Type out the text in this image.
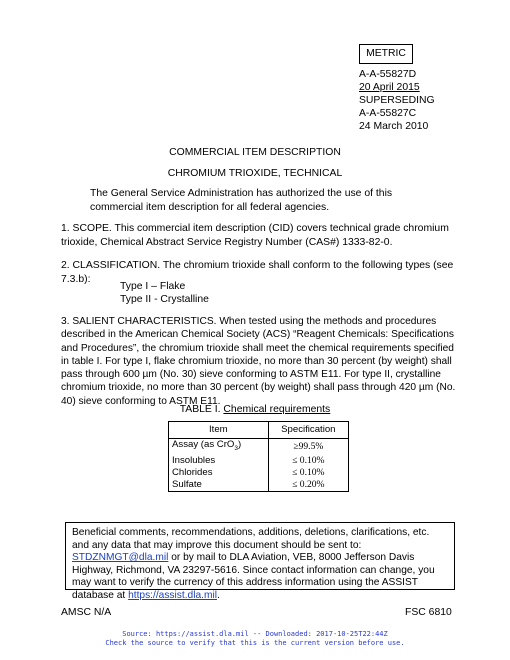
METRIC
A-A-55827D
20 April 2015
SUPERSEDING
A-A-55827C
24 March 2010
COMMERCIAL ITEM DESCRIPTION
CHROMIUM TRIOXIDE, TECHNICAL
The General Service Administration has authorized the use of this commercial item description for all federal agencies.
1. SCOPE. This commercial item description (CID) covers technical grade chromium trioxide, Chemical Abstract Service Registry Number (CAS#) 1333-82-0.
2. CLASSIFICATION. The chromium trioxide shall conform to the following types (see 7.3.b):
Type I – Flake
Type II - Crystalline
3. SALIENT CHARACTERISTICS. When tested using the methods and procedures described in the American Chemical Society (ACS) “Reagent Chemicals: Specifications and Procedures”, the chromium trioxide shall meet the chemical requirements specified in table I. For type I, flake chromium trioxide, no more than 30 percent (by weight) shall pass through 600 µm (No. 30) sieve conforming to ASTM E11. For type II, crystalline chromium trioxide, no more than 30 percent (by weight) shall pass through 420 µm (No. 40) sieve conforming to ASTM E11.
TABLE I. Chemical requirements
Item	Specification
Assay (as CrO$_3$)	≥99.5%
Insolubles	≤ 0.10%
Chlorides	≤ 0.10%
Sulfate	≤ 0.20%
Beneficial comments, recommendations, additions, deletions, clarifications, etc. and any data that may improve this document should be sent to: STDZNMGT@dla.mil or by mail to DLA Aviation, VEB, 8000 Jefferson Davis Highway, Richmond, VA 23297-5616. Since contact information can change, you may want to verify the currency of this address information using the ASSIST database at https://assist.dla.mil.
AMSC N/A	FSC 6810
Source: https://assist.dla.mil -- Downloaded: 2017-10-25T22:44Z
Check the source to verify that this is the current version before use.
